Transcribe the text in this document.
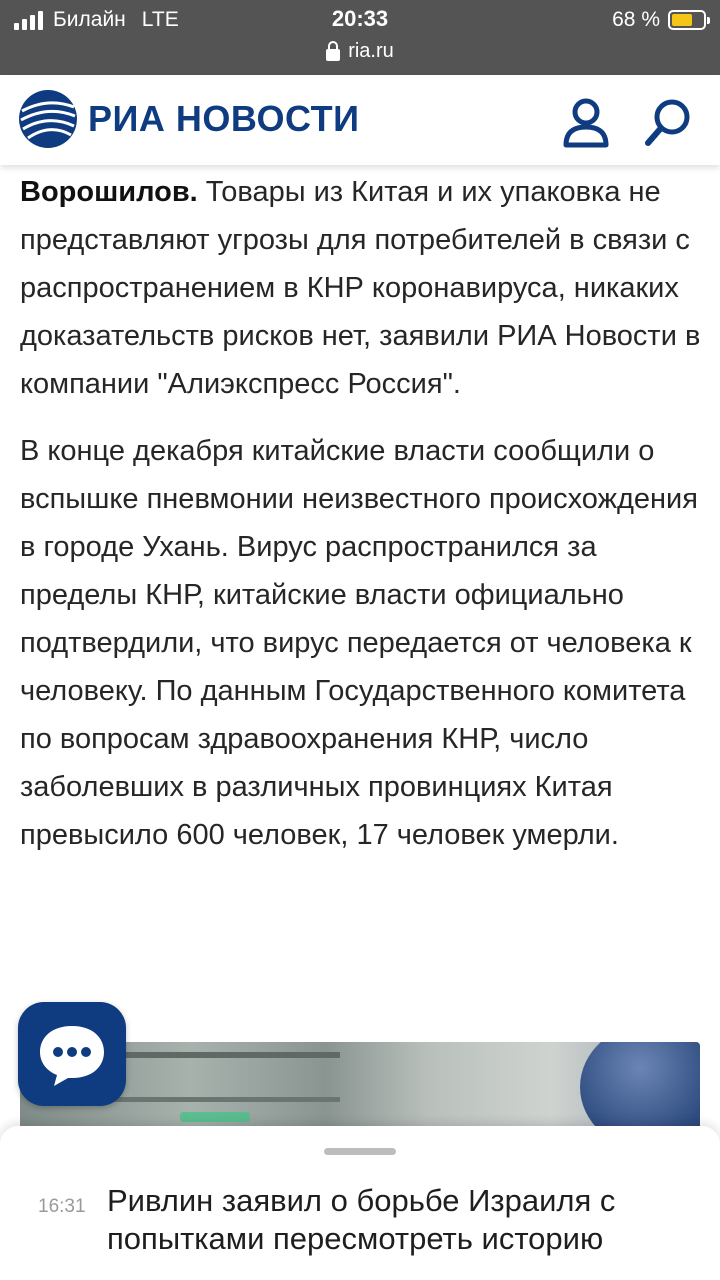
Билайн LTE	20:33
ria.ru
68 %
РИА НОВОСТИ

Ворошилов. Товары из Китая и их упаковка не представляют угрозы для потребителей в связи с распространением в КНР коронавируса, никаких доказательств рисков нет, заявили РИА Новости в компании "Алиэкспресс Россия".

В конце декабря китайские власти сообщили о вспышке пневмонии неизвестного происхождения в городе Ухань. Вирус распространился за пределы КНР, китайские власти официально подтвердили, что вирус передается от человека к человеку. По данным Государственного комитета по вопросам здравоохранения КНР, число заболевших в различных провинциях Китая превысило 600 человек, 17 человек умерли.

16:31 Ривлин заявил о борьбе Израиля с попытками пересмотреть историю
